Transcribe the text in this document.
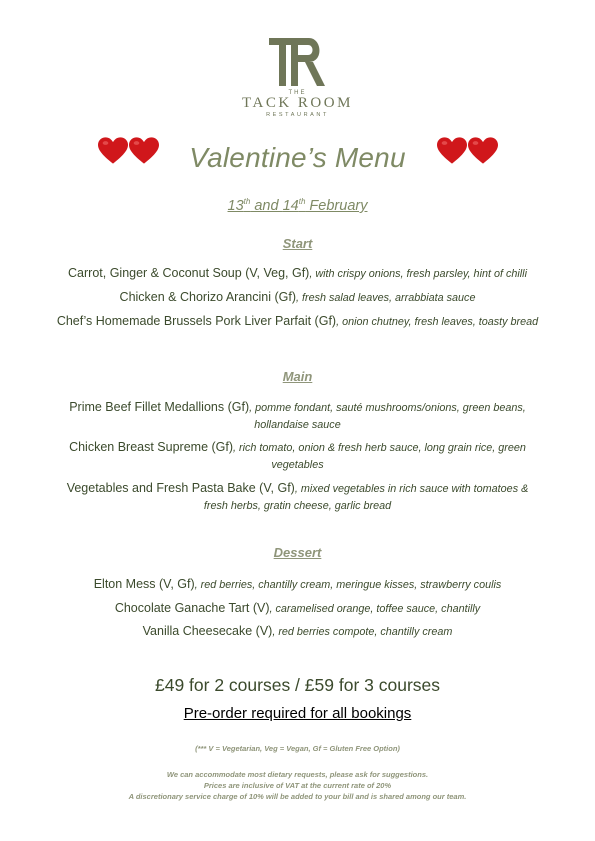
THE
TACK ROOM
RESTAURANT
Valentine’s Menu
13th and 14th February
Start
Carrot, Ginger & Coconut Soup (V, Veg, Gf), with crispy onions, fresh parsley, hint of chilli
Chicken & Chorizo Arancini (Gf), fresh salad leaves, arrabbiata sauce
Chef’s Homemade Brussels Pork Liver Parfait (Gf), onion chutney, fresh leaves, toasty bread
Main
Prime Beef Fillet Medallions (Gf), pomme fondant, sauté mushrooms/onions, green beans, hollandaise sauce
Chicken Breast Supreme (Gf), rich tomato, onion & fresh herb sauce, long grain rice, green vegetables
Vegetables and Fresh Pasta Bake (V, Gf), mixed vegetables in rich sauce with tomatoes & fresh herbs, gratin cheese, garlic bread
Dessert
Elton Mess (V, Gf), red berries, chantilly cream, meringue kisses, strawberry coulis
Chocolate Ganache Tart (V), caramelised orange, toffee sauce, chantilly
Vanilla Cheesecake (V), red berries compote, chantilly cream
£49 for 2 courses / £59 for 3 courses
Pre-order required for all bookings
(*** V = Vegetarian, Veg = Vegan, Gf = Gluten Free Option)
We can accommodate most dietary requests, please ask for suggestions.
Prices are inclusive of VAT at the current rate of 20%
A discretionary service charge of 10% will be added to your bill and is shared among our team.
